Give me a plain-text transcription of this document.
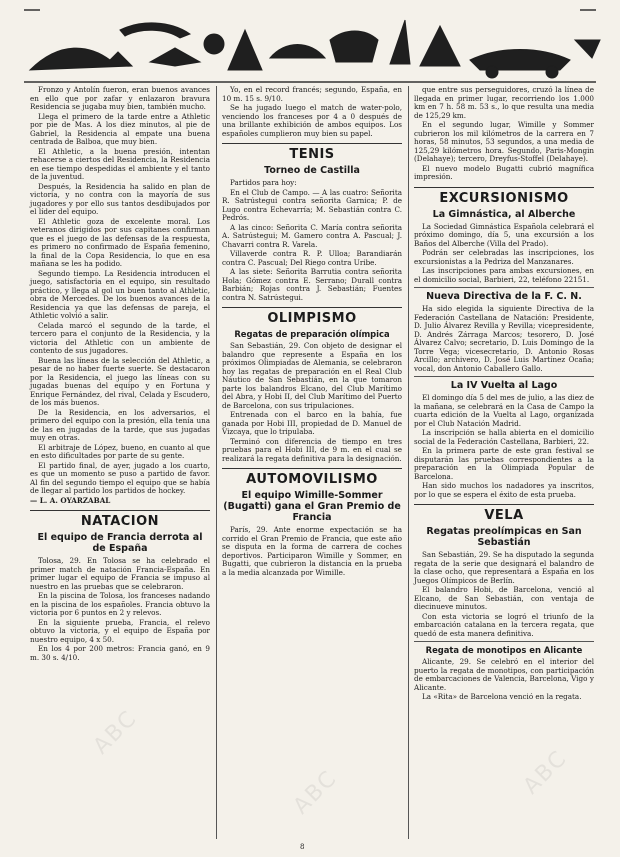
Fronzo y Antolín fueron, eran buenos avances en ello que por zafar y enlazaron bravura Residencia se jugaba muy bien, también mucho.

Llega el primero de la tarde entre a Athletic por pie de Mas. A los diez minutos, al pie de Gabriel, la Residencia al empate una buena centrada de Balboa, que muy bien.

El Athletic, a la buena presión, intentan rehacerse a ciertos del Residencia, la Residencia en ese tiempo despedidas el ambiente y el tanto de la juventud.

Después, la Residencia ha salido en plan de victoria, y no contra con la mayoría de sus jugadores y por ello sus tantos desdibujados por el líder del equipo.

El Athletic goza de excelente moral. Los veteranos dirigidos por sus capitanes confirman que es el juego de las defensas de la respuesta, es primero no confirmado de España femenino, la final de la Copa Residencia, lo que en esa mañana se les ha podido.

Segundo tiempo. La Residencia introducen el juego, satisfactoria en el equipo, sin resultado práctico, y llega al gol un buen tanto al Athletic, obra de Mercedes. De los buenos avances de la Residencia ya que las defensas de pareja, el Athletic volvió a salir.

Celada marcó el segundo de la tarde, el tercero para el conjunto de la Residencia, y la victoria del Athletic con un ambiente de contento de sus jugadores.

Buena las líneas de la selección del Athletic, a pesar de no haber fuerte suerte. Se destacaron por la Residencia, el juego las líneas con su jugadas buenas del equipo y en Fortuna y Enrique Fernández, del rival, Celada y Escudero, de los más buenos.

De la Residencia, en los adversarios, el primero del equipo con la presión, ella tenía una de las en jugadas de la tarde, que sus jugadas muy en otras.

El arbitraje de López, bueno, en cuanto al que en esto dificultades por parte de su gente.

El partido final, de ayer, jugado a los cuarto, es que un momento se puso a partido de favor. Al fin del segundo tiempo el equipo que se había de llegar al partido los partidos de hockey.

— L. A. OYARZABAL

NATACION
El equipo de Francia derrota al de España

Tolosa, 29. En Tolosa se ha celebrado el primer match de natación Francia-España. En primer lugar el equipo de Francia se impuso al nuestro en las pruebas que se celebraron.

En la piscina de Tolosa, los franceses nadando en la piscina de los españoles. Francia obtuvo la victoria por 6 puntos en 2 y relevos.

En la siguiente prueba, Francia, el relevo obtuvo la victoria, y el equipo de España por nuestro equipo, 4 x 50.

En los 4 por 200 metros: Francia ganó, en 9 m. 30 s. 4/10.

Yo, en el record francés; segundo, España, en 10 m. 15 s. 9/10.

Se ha jugado luego el match de water-polo, venciendo los franceses por 4 a 0 después de una brillante exhibición de ambos equipos. Los españoles cumplieron muy bien su papel.

TENIS
Torneo de Castilla

Partidos para hoy:

En el Club de Campo. — A las cuatro: Señorita R. Satrústegui contra señorita Garnica; P. de Lugo contra Echevarría; M. Sebastián contra C. Pedrós.

A las cinco: Señorita C. María contra señorita A. Satrústegui; M. Gamero contra A. Pascual; J. Chavarri contra R. Varela.

Villaverde contra R. P. Ulloa; Barandiarán contra C. Pascual; Del Riego contra Uribe.

A las siete: Señorita Barrutia contra señorita Hola; Gómez contra E. Serrano; Durall contra Barbián; Rojas contra J. Sebastián; Fuentes contra N. Satrústegui.

OLIMPISMO
Regatas de preparación olímpica

San Sebastián, 29. Con objeto de designar el balandro que represente a España en los próximos Olimpiadas de Alemania, se celebraron hoy las regatas de preparación en el Real Club Náutico de San Sebastián, en la que tomaron parte los balandros Elcano, del Club Marítimo del Abra, y Hobi II, del Club Marítimo del Puerto de Barcelona, con sus tripulaciones.

Entrenada con el barco en la bahía, fue ganada por Hobi III, propiedad de D. Manuel de Vizcaya, que lo tripulaba.

Terminó con diferencia de tiempo en tres pruebas para el Hobi III, de 9 m. en el cual se realizará la regata definitiva para la designación.

AUTOMOVILISMO
El equipo Wimille-Sommer (Bugatti) gana el Gran Premio de Francia

París, 29. Ante enorme expectación se ha corrido el Gran Premio de Francia, que este año se disputa en la forma de carrera de coches deportivos. Participaron Wimille y Sommer, en Bugatti, que cubrieron la distancia en la prueba a la media alcanzada por Wimille.

que entre sus perseguidores, cruzó la línea de llegada en primer lugar, recorriendo los 1.000 km en 7 h. 58 m. 53 s., lo que resulta una media de 125,29 km.

En el segundo lugar, Wimille y Sommer cubrieron los mil kilómetros de la carrera en 7 horas, 58 minutos, 53 segundos, a una media de 125,29 kilómetros hora. Segundo, Paris-Mongin (Delahaye); tercero, Dreyfus-Stoffel (Delahaye).

El nuevo modelo Bugatti cubrió magnífica impresión.

EXCURSIONISMO
La Gimnástica, al Alberche

La Sociedad Gimnástica Española celebrará el próximo domingo, día 5, una excursión a los Baños del Alberche (Villa del Prado).

Podrán ser celebradas las inscripciones, los excursionistas a la Pedriza del Manzanares.

Las inscripciones para ambas excursiones, en el domicilio social, Barbieri, 22, teléfono 22151.

Nueva Directiva de la F. C. N.

Ha sido elegida la siguiente Directiva de la Federación Castellana de Natación: Presidente, D. Julio Álvarez Revilla y Revilla; vicepresidente, D. Andrés Zárraga Marcos; tesorero, D. José Álvarez Calvo; secretario, D. Luis Domingo de la Torre Vega; vicesecretario, D. Antonio Rosas Arcillo; archivero, D. José Luis Martínez Ocaña; vocal, don Antonio Caballero Gallo.

La IV Vuelta al Lago

El domingo día 5 del mes de julio, a las diez de la mañana, se celebrará en la Casa de Campo la cuarta edición de la Vuelta al Lago, organizada por el Club Natación Madrid.

La inscripción se halla abierta en el domicilio social de la Federación Castellana, Barbieri, 22.

En la primera parte de este gran festival se disputarán las pruebas correspondientes a la preparación en la Olimpiada Popular de Barcelona.

Han sido muchos los nadadores ya inscritos, por lo que se espera el éxito de esta prueba.

VELA
Regatas preolímpicas en San Sebastián

San Sebastián, 29. Se ha disputado la segunda regata de la serie que designará el balandro de la clase ocho, que representará a España en los Juegos Olímpicos de Berlín.

El balandro Hobi, de Barcelona, venció al Elcano, de San Sebastián, con ventaja de diecinueve minutos.

Con esta victoria se logró el triunfo de la embarcación catalana en la tercera regata, que quedó de esta manera definitiva.

Regata de monotipos en Alicante

Alicante, 29. Se celebró en el interior del puerto la regata de monotipos, con participación de embarcaciones de Valencia, Barcelona, Vigo y Alicante.

La «Rita» de Barcelona venció en la regata.

ABC
ABC	ABC
8
